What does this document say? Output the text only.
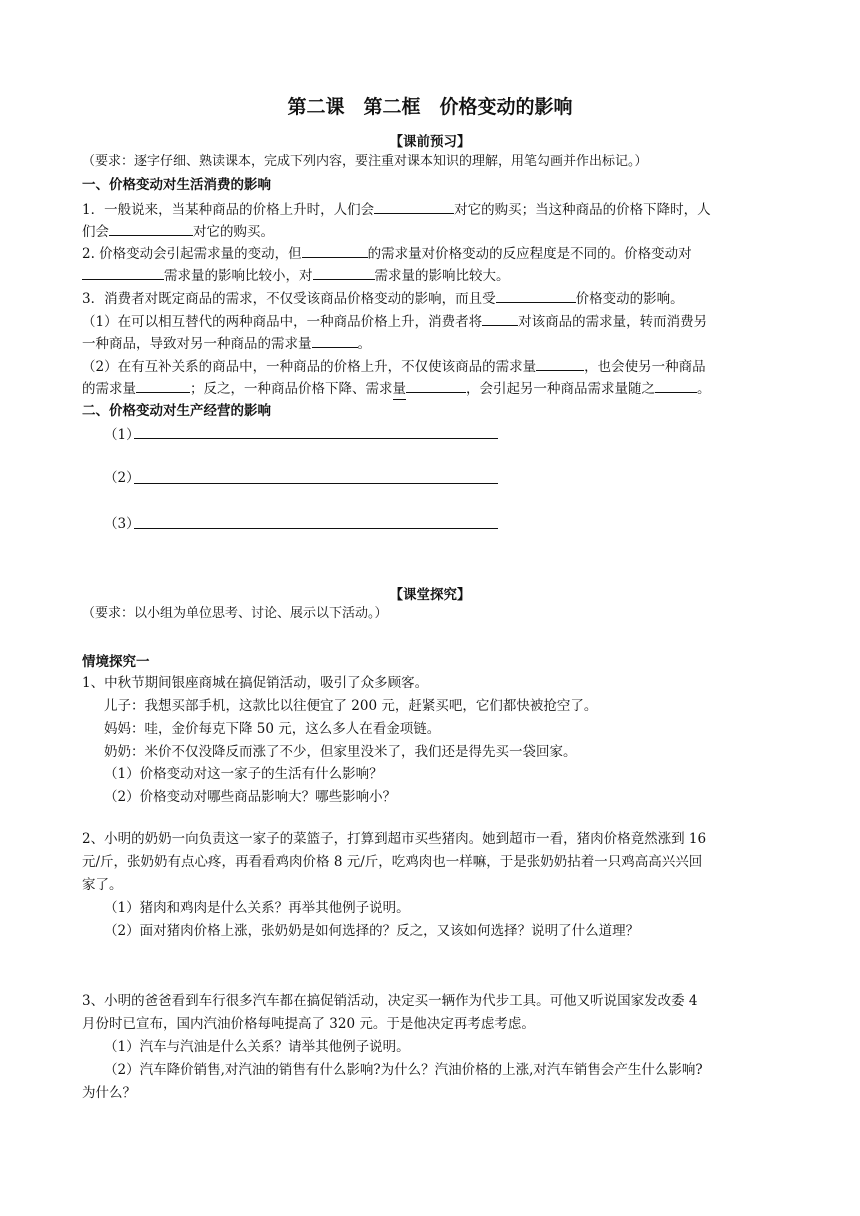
第二课　第二框　价格变动的影响
【课前预习】
（要求：逐字仔细、熟读课本，完成下列内容，要注重对课本知识的理解，用笔勾画并作出标记。）
一、价格变动对生活消费的影响
1．一般说来，当某种商品的价格上升时，人们会	对它的购买；当这种商品的价格下降时，人
们会	对它的购买。
2. 价格变动会引起需求量的变动，但	的需求量对价格变动的反应程度是不同的。价格变动对
需求量的影响比较小，对	需求量的影响比较大。
3．消费者对既定商品的需求，不仅受该商品价格变动的影响，而且受	价格变动的影响。
（1）在可以相互替代的两种商品中，一种商品价格上升，消费者将	对该商品的需求量，转而消费另
一种商品，导致对另一种商品的需求量	。
（2）在有互补关系的商品中，一种商品的价格上升，不仅使该商品的需求量	，也会使另一种商品
的需求量	；反之，一种商品价格下降、需求量	，会引起另一种商品需求量随之	。
二、价格变动对生产经营的影响
（1）
（2）
（3）
【课堂探究】
（要求：以小组为单位思考、讨论、展示以下活动。）
情境探究一
1、中秋节期间银座商城在搞促销活动，吸引了众多顾客。
儿子：我想买部手机，这款比以往便宜了 200 元，赶紧买吧，它们都快被抢空了。
妈妈：哇，金价每克下降 50 元，这么多人在看金项链。
奶奶：米价不仅没降反而涨了不少，但家里没米了，我们还是得先买一袋回家。
（1）价格变动对这一家子的生活有什么影响？
（2）价格变动对哪些商品影响大？哪些影响小？
2、小明的奶奶一向负责这一家子的菜篮子，打算到超市买些猪肉。她到超市一看，猪肉价格竟然涨到 16
元/斤，张奶奶有点心疼，再看看鸡肉价格 8 元/斤，吃鸡肉也一样嘛，于是张奶奶拈着一只鸡高高兴兴回
家了。
（1）猪肉和鸡肉是什么关系？再举其他例子说明。
（2）面对猪肉价格上涨，张奶奶是如何选择的？反之，又该如何选择？说明了什么道理？
3、小明的爸爸看到车行很多汽车都在搞促销活动，决定买一辆作为代步工具。可他又听说国家发改委 4
月份时已宣布，国内汽油价格每吨提高了 320 元。于是他决定再考虑考虑。
（1）汽车与汽油是什么关系？请举其他例子说明。
（2）汽车降价销售,对汽油的销售有什么影响?为什么？汽油价格的上涨,对汽车销售会产生什么影响?
为什么？
